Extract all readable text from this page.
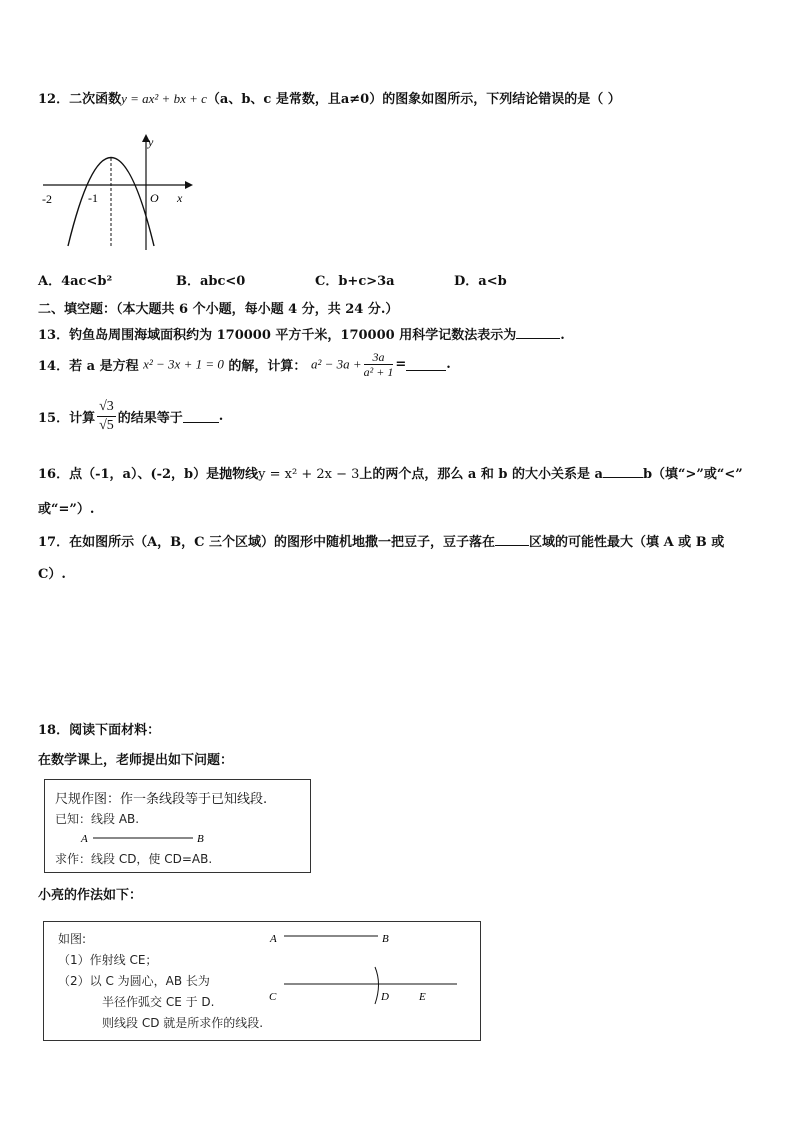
12．二次函数y = ax² + bx + c（a、b、c 是常数，且a≠0）的图象如图所示，下列结论错误的是（ ）
y
x
O
-2	-1
A．4ac<b²	B．abc<0	C．b+c>3a	D．a<b
二、填空题：（本大题共 6 个小题，每小题 4 分，共 24 分.）
13．钓鱼岛周围海域面积约为 170000 平方千米，170000 用科学记数法表示为	.
14．若 a 是方程 x² − 3x + 1 = 0 的解，计算： $a^2 - 3a + \frac{3a}{\text{a² + 1}}$ =	.
15．计算 $\frac{√3}{√5}$ 的结果等于	.
16．点（-1，a）、(-2，b）是抛物线y = x² + 2x − 3上的两个点，那么 a 和 b 的大小关系是 a	b（填“>”或“<”
或“=”）.
17．在如图所示（A，B，C 三个区域）的图形中随机地撒一把豆子，豆子落在	区域的可能性最大（填 A 或 B 或
C）.
18．阅读下面材料：
在数学课上，老师提出如下问题：
尺规作图：作一条线段等于已知线段.
已知：线段 AB.
A	B
求作：线段 CD，使 CD=AB.
小亮的作法如下：
如图:
（1）作射线 CE；
（2）以 C 为圆心，AB 长为
半径作弧交 CE 于 D.
则线段 CD 就是所求作的线段.
A	B
C	D	E
